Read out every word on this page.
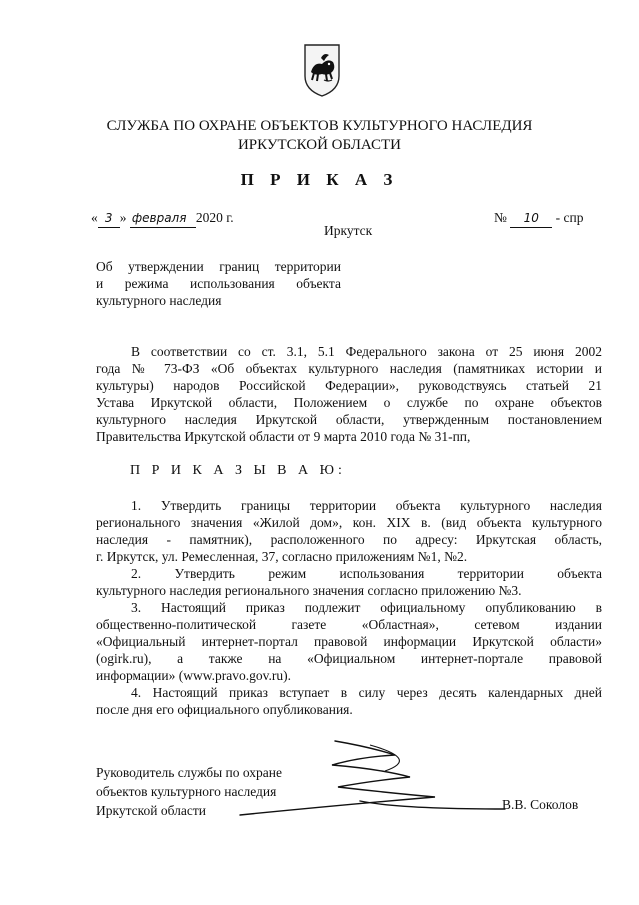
СЛУЖБА ПО ОХРАНЕ ОБЪЕКТОВ КУЛЬТУРНОГО НАСЛЕДИЯ
ИРКУТСКОЙ ОБЛАСТИ
П Р И К А З
« 3 » февраля 2020 г.	№ 10 - спр
Иркутск

Об утверждении границ территории

и режима использования объекта

культурного наследия

В соответствии со ст. 3.1, 5.1 Федерального закона от 25 июня 2002
года № 73-ФЗ «Об объектах культурного наследия (памятниках истории и
культуры) народов Российской Федерации», руководствуясь статьей 21
Устава Иркутской области, Положением о службе по охране объектов
культурного наследия Иркутской области, утвержденным постановлением
Правительства Иркутской области от 9 марта 2010 года № 31-пп,
П Р И К А З Ы В А Ю:
1. Утвердить границы территории объекта культурного наследия
регионального значения «Жилой дом», кон. XIX в. (вид объекта культурного
наследия - памятник), расположенного по адресу: Иркутская область,
г. Иркутск, ул. Ремесленная, 37, согласно приложениям №1, №2.
2. Утвердить режим использования территории объекта
культурного наследия регионального значения согласно приложению №3.
3. Настоящий приказ подлежит официальному опубликованию в
общественно-политической газете «Областная», сетевом издании
«Официальный интернет-портал правовой информации Иркутской области»
(ogirk.ru), а также на «Официальном интернет-портале правовой
информации» (www.pravo.gov.ru).
4. Настоящий приказ вступает в силу через десять календарных дней
после дня его официального опубликования.
Руководитель службы по охране
объектов культурного наследия
Иркутской области	В.В. Соколов
